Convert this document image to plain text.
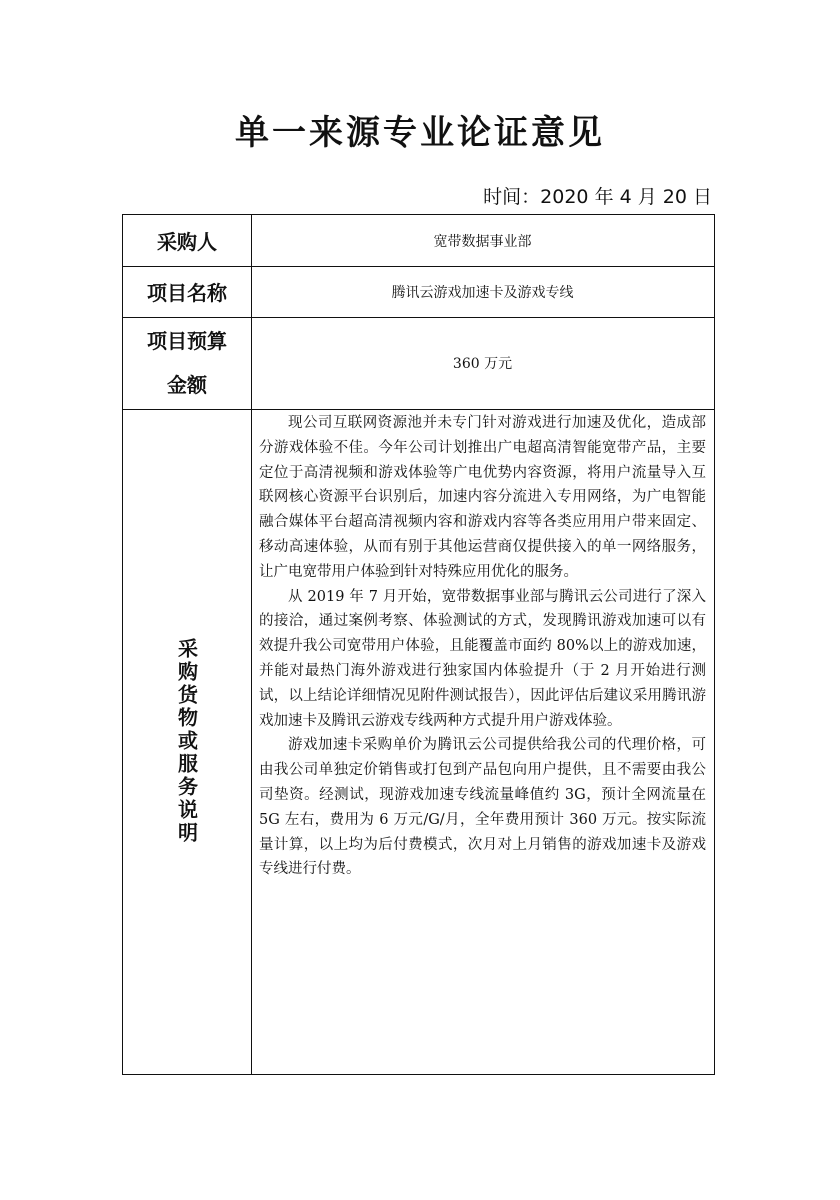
单一来源专业论证意见
时间：2020 年 4 月 20 日
采购人	宽带数据事业部
项目名称	腾讯云游戏加速卡及游戏专线
项目预算
金额
360 万元
采购货物或服务说明

现公司互联网资源池并未专门针对游戏进行加速及优化，造成部分游戏体验不佳。今年公司计划推出广电超高清智能宽带产品，主要定位于高清视频和游戏体验等广电优势内容资源，将用户流量导入互联网核心资源平台识别后，加速内容分流进入专用网络，为广电智能融合媒体平台超高清视频内容和游戏内容等各类应用用户带来固定、移动高速体验，从而有别于其他运营商仅提供接入的单一网络服务，让广电宽带用户体验到针对特殊应用优化的服务。

从 2019 年 7 月开始，宽带数据事业部与腾讯云公司进行了深入的接洽，通过案例考察、体验测试的方式，发现腾讯游戏加速可以有效提升我公司宽带用户体验，且能覆盖市面约 80%以上的游戏加速，并能对最热门海外游戏进行独家国内体验提升（于 2 月开始进行测试，以上结论详细情况见附件测试报告），因此评估后建议采用腾讯游戏加速卡及腾讯云游戏专线两种方式提升用户游戏体验。

游戏加速卡采购单价为腾讯云公司提供给我公司的代理价格，可由我公司单独定价销售或打包到产品包向用户提供，且不需要由我公司垫资。经测试，现游戏加速专线流量峰值约 3G，预计全网流量在 5G 左右，费用为 6 万元/G/月，全年费用预计 360 万元。按实际流量计算，以上均为后付费模式，次月对上月销售的游戏加速卡及游戏专线进行付费。
